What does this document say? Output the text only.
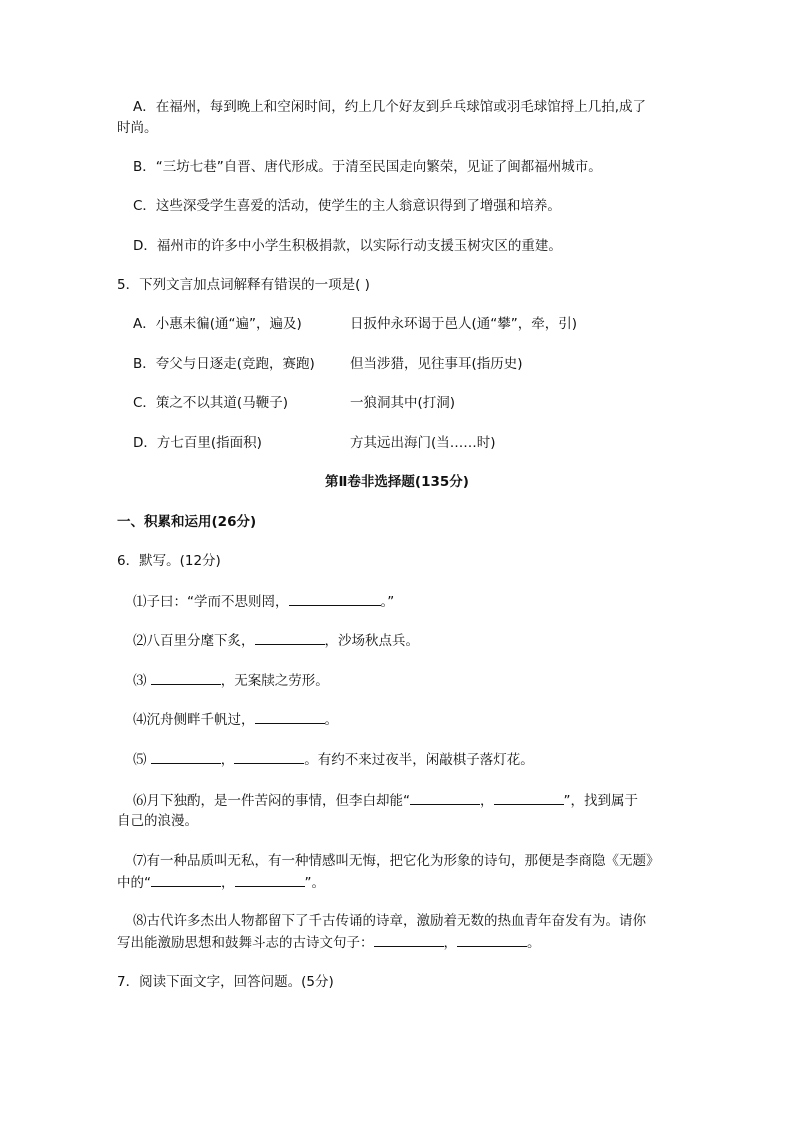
A．在福州，每到晚上和空闲时间，约上几个好友到乒乓球馆或羽毛球馆捋上几拍,成了
时尚。
B．“三坊七巷”自晋、唐代形成。于清至民国走向繁荣，见证了闽都福州城市。
C．这些深受学生喜爱的活动，使学生的主人翁意识得到了增强和培养。
D．福州市的许多中小学生积极捐款，以实际行动支援玉树灾区的重建。
5．下列文言加点词解释有错误的一项是( )
A．小惠未徧(通“遍”，遍及)	日扳仲永环谒于邑人(通“攀”，牵，引)
B．夸父与日逐走(竞跑，赛跑)	但当涉猎，见往事耳(指历史)
C．策之不以其道(马鞭子)	一狼洞其中(打洞)
D．方七百里(指面积)	方其远出海门(当……时)
第Ⅱ卷非选择题(135分)
一、积累和运用(26分)
6．默写。(12分)
⑴子曰：“学而不思则罔，	。”
⑵八百里分麾下炙，	，沙场秋点兵。
⑶	，无案牍之劳形。
⑷沉舟侧畔千帆过，	。
⑸	，	。有约不来过夜半，闲敲棋子落灯花。
⑹月下独酌，是一件苦闷的事情，但李白却能“	，	”，找到属于
自己的浪漫。
⑺有一种品质叫无私，有一种情感叫无悔，把它化为形象的诗句，那便是李商隐《无题》
中的“	，	”。
⑻古代许多杰出人物都留下了千古传诵的诗章，激励着无数的热血青年奋发有为。请你
写出能激励思想和鼓舞斗志的古诗文句子：	，	。
7．阅读下面文字，回答问题。(5分)
